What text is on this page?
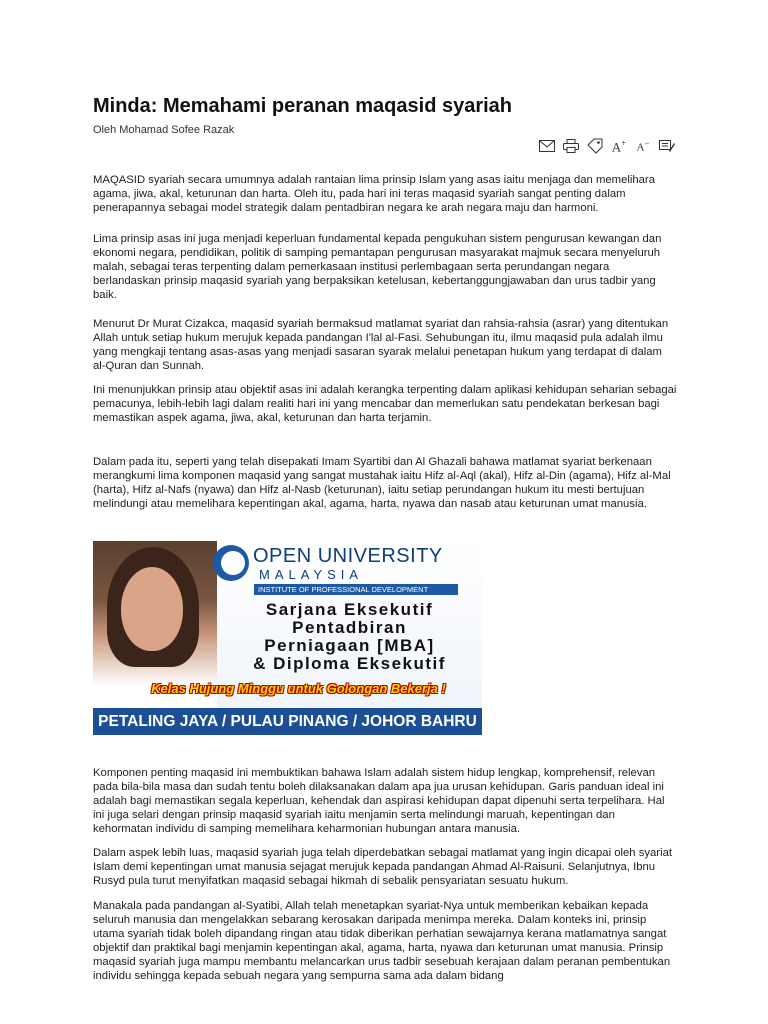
Minda: Memahami peranan maqasid syariah
Oleh Mohamad Sofee Razak
A+ A−

MAQASID syariah secara umumnya adalah rantaian lima prinsip Islam yang asas iaitu menjaga dan memelihara agama, jiwa, akal, keturunan dan harta. Oleh itu, pada hari ini teras maqasid syariah sangat penting dalam penerapannya sebagai model strategik dalam pentadbiran negara ke arah negara maju dan harmoni.

Lima prinsip asas ini juga menjadi keperluan fundamental kepada pengukuhan sistem pengurusan kewangan dan ekonomi negara, pendidikan, politik di samping pemantapan pengurusan masyarakat majmuk secara menyeluruh malah, sebagai teras terpenting dalam pemerkasaan institusi perlembagaan serta perundangan negara berlandaskan prinsip maqasid syariah yang berpaksikan ketelusan, kebertanggungjawaban dan urus tadbir yang baik.

Menurut Dr Murat Cizakca, maqasid syariah bermaksud matlamat syariat dan rahsia-rahsia (asrar) yang ditentukan Allah untuk setiap hukum merujuk kepada pandangan I'lal al-Fasi. Sehubungan itu, ilmu maqasid pula adalah ilmu yang mengkaji tentang asas-asas yang menjadi sasaran syarak melalui penetapan hukum yang terdapat di dalam al-Quran dan Sunnah.

Ini menunjukkan prinsip atau objektif asas ini adalah kerangka terpenting dalam aplikasi kehidupan seharian sebagai pemacunya, lebih-lebih lagi dalam realiti hari ini yang mencabar dan memerlukan satu pendekatan berkesan bagi memastikan aspek agama, jiwa, akal, keturunan dan harta terjamin.

Dalam pada itu, seperti yang telah disepakati Imam Syartibi dan Al Ghazali bahawa matlamat syariat berkenaan merangkumi lima komponen maqasid yang sangat mustahak iaitu Hifz al-Aql (akal), Hifz al-Din (agama), Hifz al-Mal (harta), Hifz al-Nafs (nyawa) dan Hifz al-Nasb (keturunan), iaitu setiap perundangan hukum itu mesti bertujuan melindungi atau memelihara kepentingan akal, agama, harta, nyawa dan nasab atau keturunan umat manusia.

OPEN UNIVERSITY
MALAYSIA
INSTITUTE OF PROFESSIONAL DEVELOPMENT
Sarjana Eksekutif
Pentadbiran
Perniagaan [MBA]
& Diploma Eksekutif
Kelas Hujung Minggu untuk Golongan Bekerja !
PETALING JAYA / PULAU PINANG / JOHOR BAHRU

Komponen penting maqasid ini membuktikan bahawa Islam adalah sistem hidup lengkap, komprehensif, relevan pada bila-bila masa dan sudah tentu boleh dilaksanakan dalam apa jua urusan kehidupan. Garis panduan ideal ini adalah bagi memastikan segala keperluan, kehendak dan aspirasi kehidupan dapat dipenuhi serta terpelihara. Hal ini juga selari dengan prinsip maqasid syariah iaitu menjamin serta melindungi maruah, kepentingan dan kehormatan individu di samping memelihara keharmonian hubungan antara manusia.

Dalam aspek lebih luas, maqasid syariah juga telah diperdebatkan sebagai matlamat yang ingin dicapai oleh syariat Islam demi kepentingan umat manusia sejagat merujuk kepada pandangan Ahmad Al-Raisuni. Selanjutnya, Ibnu Rusyd pula turut menyifatkan maqasid sebagai hikmah di sebalik pensyariatan sesuatu hukum.

Manakala pada pandangan al-Syatibi, Allah telah menetapkan syariat-Nya untuk memberikan kebaikan kepada seluruh manusia dan mengelakkan sebarang kerosakan daripada menimpa mereka. Dalam konteks ini, prinsip utama syariah tidak boleh dipandang ringan atau tidak diberikan perhatian sewajarnya kerana matlamatnya sangat objektif dan praktikal bagi menjamin kepentingan akal, agama, harta, nyawa dan keturunan umat manusia. Prinsip maqasid syariah juga mampu membantu melancarkan urus tadbir sesebuah kerajaan dalam peranan pembentukan individu sehingga kepada sebuah negara yang sempurna sama ada dalam bidang
